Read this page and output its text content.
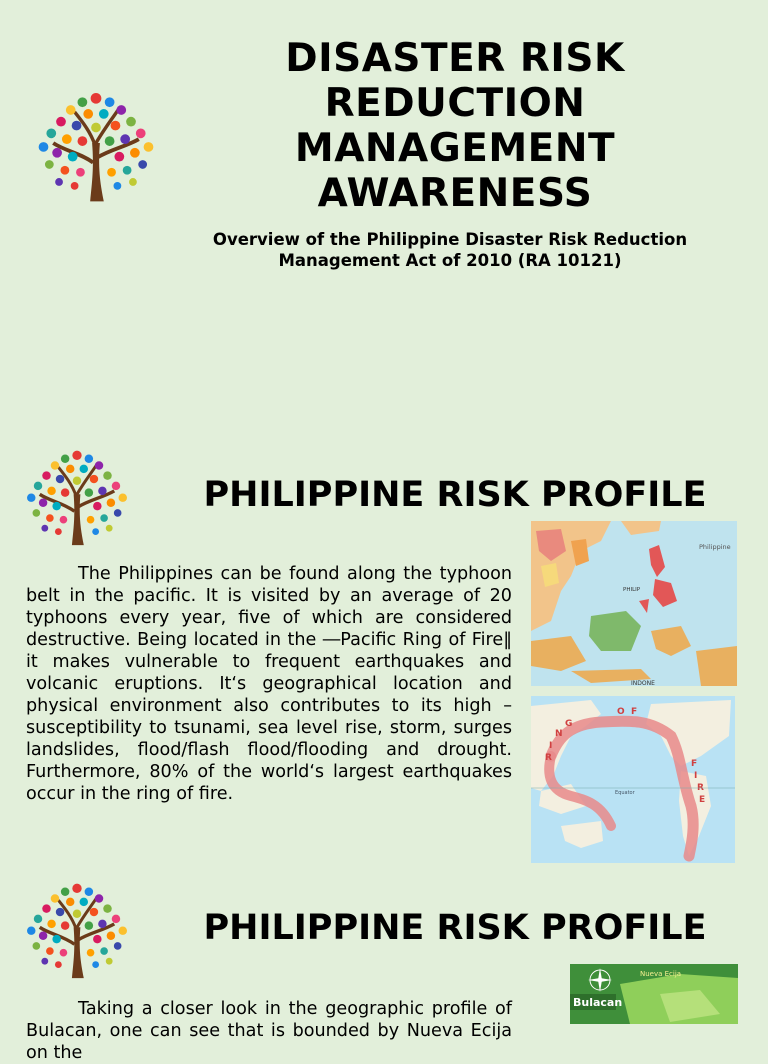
DISASTER RISK REDUCTION MANAGEMENT AWARENESS
Overview of the Philippine Disaster Risk Reduction Management Act of 2010 (RA 10121)
PHILIPPINE RISK PROFILE
The Philippines can be found along the typhoon belt in the pacific. It is visited by an average of 20 typhoons every year, five of which are considered destructive. Being located in the ―Pacific Ring of Fire‖ it makes vulnerable to frequent earthquakes and volcanic eruptions. It‘s geographical location and physical environment also contributes to its high – susceptibility to tsunami, sea level rise, storm, surges landslides, flood/flash flood/flooding and drought. Furthermore, 80% of the world‘s largest earthquakes occur in the ring of fire.
Philippine
PHILIP
INDONE
R
I
N
G
O F
F
I
R
E
Equator
PHILIPPINE RISK PROFILE
Taking a closer look in the geographic profile of Bulacan, one can see that is bounded by Nueva Ecija on the
Bulacan
Nueva Ecija
